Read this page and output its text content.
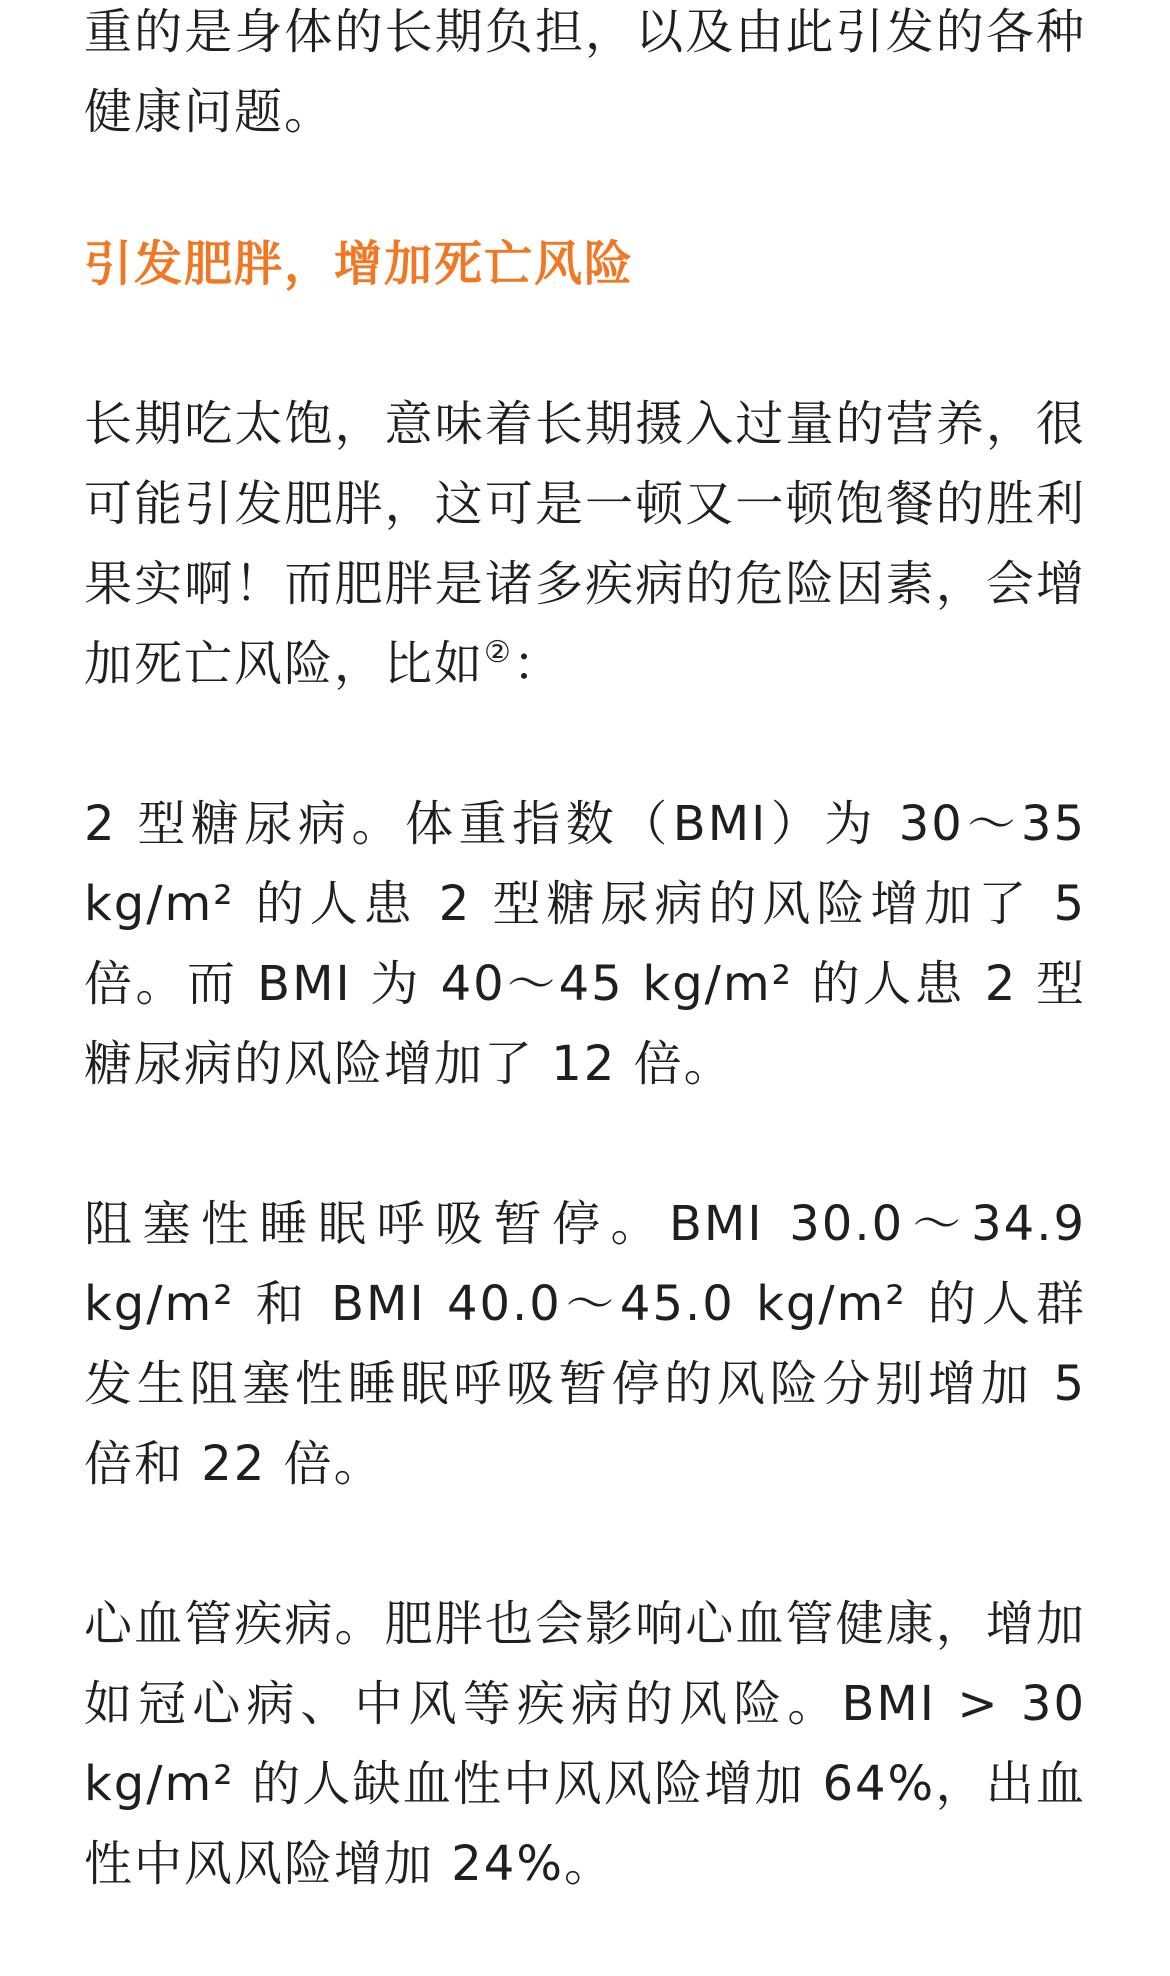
重的是身体的长期负担，以及由此引发的各种健康问题。

引发肥胖，增加死亡风险

长期吃太饱，意味着长期摄入过量的营养，很可能引发肥胖，这可是一顿又一顿饱餐的胜利果实啊！而肥胖是诸多疾病的危险因素，会增加死亡风险，比如②：

2 型糖尿病。体重指数（BMI）为 30～35 kg/m² 的人患 2 型糖尿病的风险增加了 5 倍。而 BMI 为 40～45 kg/m² 的人患 2 型糖尿病的风险增加了 12 倍。

阻塞性睡眠呼吸暂停。BMI 30.0～34.9 kg/m² 和 BMI 40.0～45.0 kg/m² 的人群发生阻塞性睡眠呼吸暂停的风险分别增加 5 倍和 22 倍。

心血管疾病。肥胖也会影响心血管健康，增加如冠心病、中风等疾病的风险。BMI > 30 kg/m² 的人缺血性中风风险增加 64%，出血性中风风险增加 24%。
